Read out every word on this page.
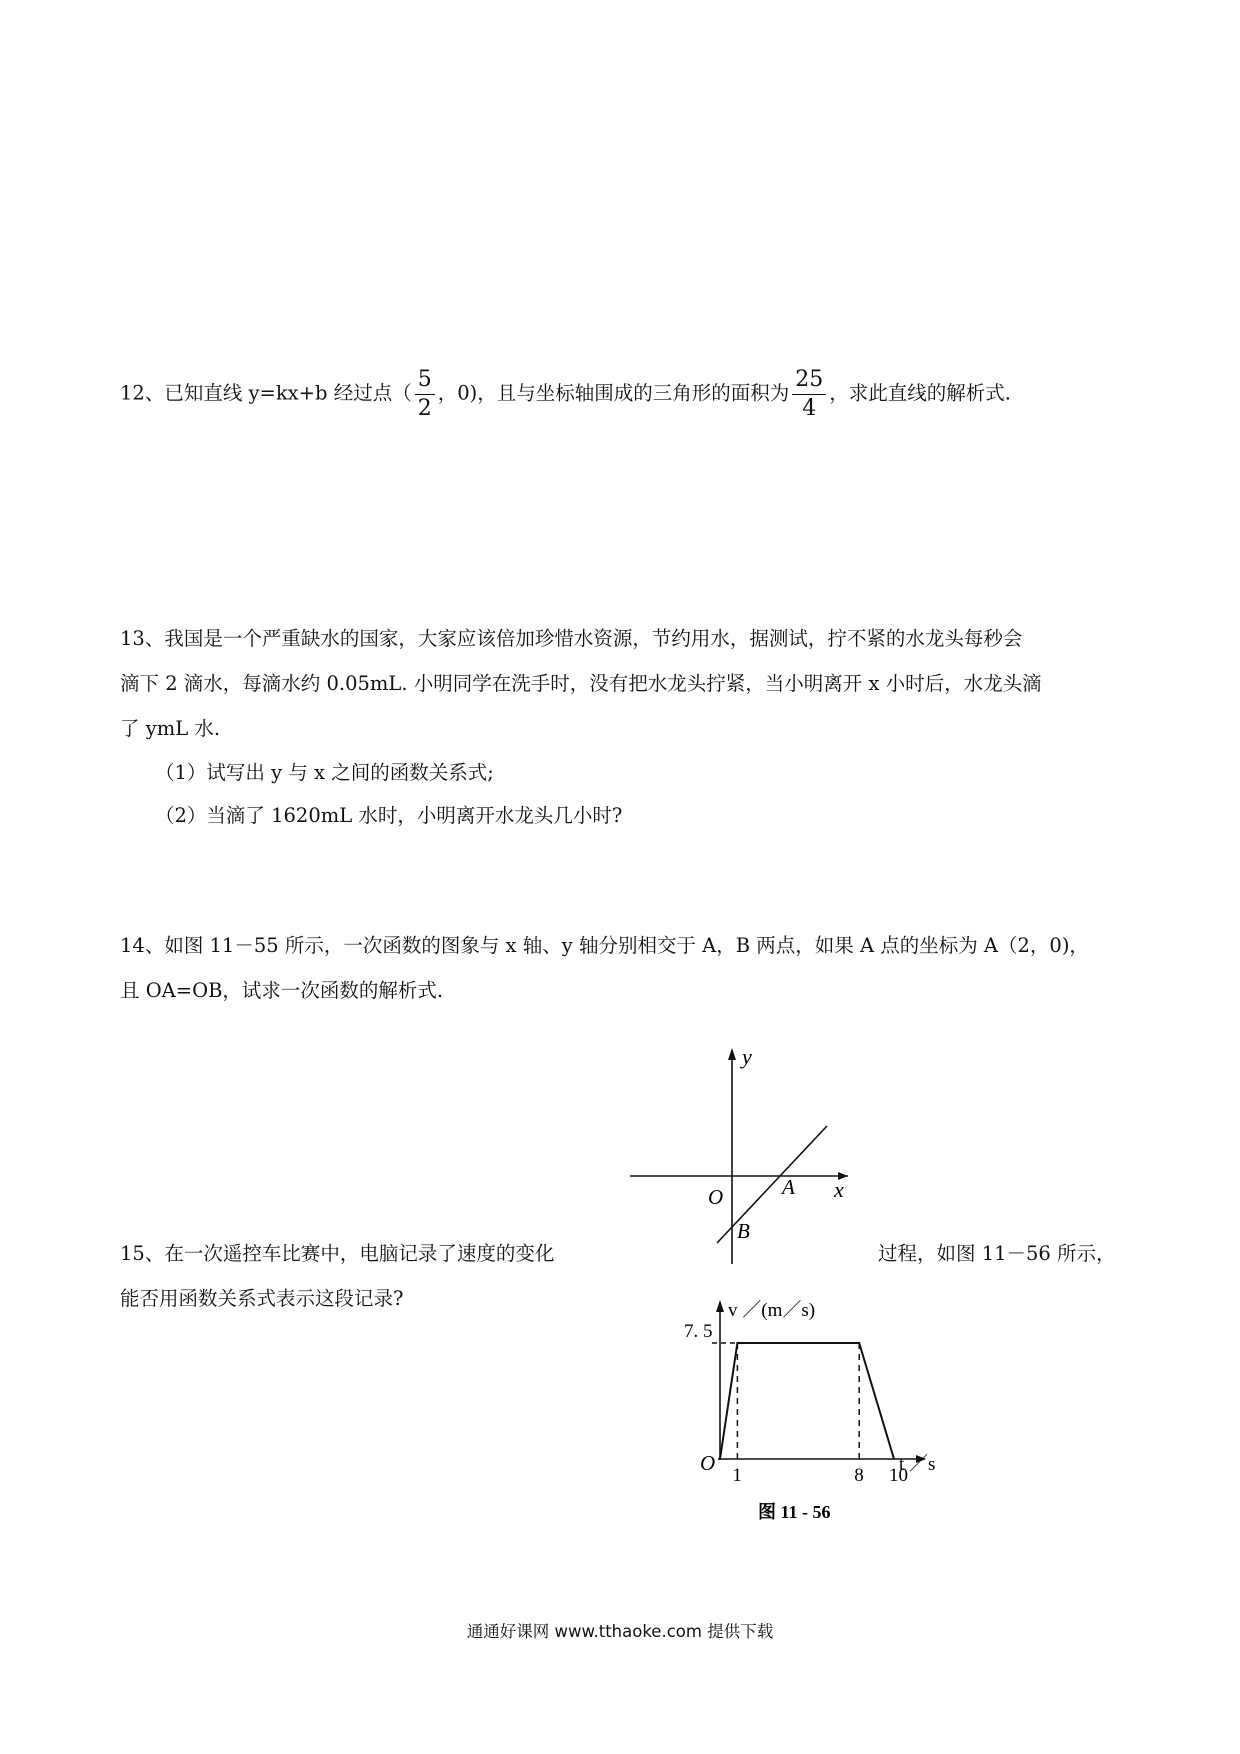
12、已知直线 y=kx+b 经过点（ $\frac{5}{2}$ ，0)，且与坐标轴围成的三角形的面积为 $\frac{25}{4}$ ，求此直线的解析式.
13、我国是一个严重缺水的国家，大家应该倍加珍惜水资源，节约用水，据测试，拧不紧的水龙头每秒会
滴下 2 滴水，每滴水约 0.05mL. 小明同学在洗手时，没有把水龙头拧紧，当小明离开 x 小时后，水龙头滴
了 ymL 水.
（1）试写出 y 与 x 之间的函数关系式;
（2）当滴了 1620mL 水时，小明离开水龙头几小时?
14、如图 11－55 所示，一次函数的图象与 x 轴、y 轴分别相交于 A，B 两点，如果 A 点的坐标为 A（2，0)，
且 OA=OB，试求一次函数的解析式.
15、在一次遥控车比赛中，电脑记录了速度的变化	过程，如图 11－56 所示，
能否用函数关系式表示这段记录?
y
x
O	A
B
1	8 10
v ／(m／s)
t ／s
O
7. 5
图 11 - 56
通通好课网 www.tthaoke.com 提供下载
